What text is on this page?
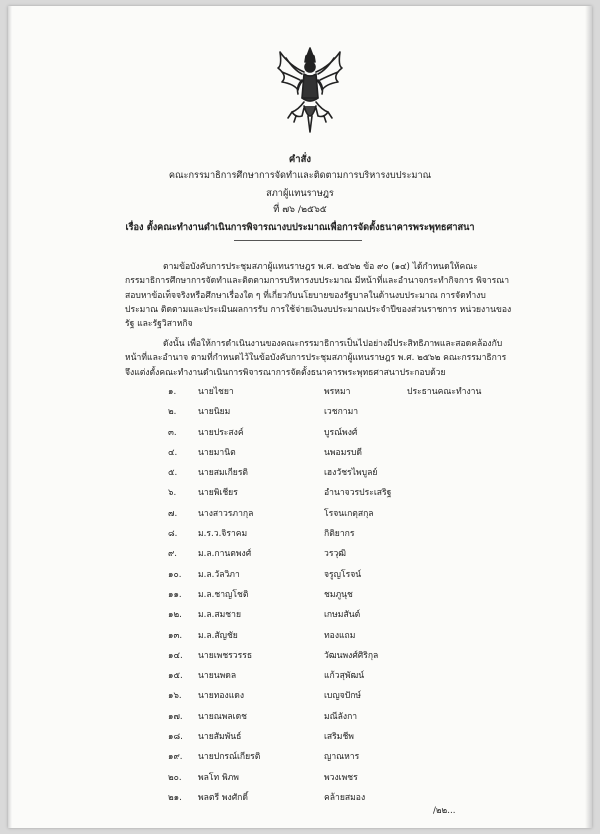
คำสั่ง
คณะกรรมาธิการศึกษาการจัดทำและติดตามการบริหารงบประมาณ
สภาผู้แทนราษฎร
ที่ ๗๖ /๒๕๖๕
เรื่อง ตั้งคณะทำงานดำเนินการพิจารณางบประมาณเพื่อการจัดตั้งธนาคารพระพุทธศาสนา
ตามข้อบังคับการประชุมสภาผู้แทนราษฎร พ.ศ. ๒๕๖๒ ข้อ ๙๐ (๑๔) ได้กำหนดให้คณะกรรมาธิการศึกษาการจัดทำและติดตามการบริหารงบประมาณ มีหน้าที่และอำนาจกระทำกิจการ พิจารณาสอบหาข้อเท็จจริงหรือศึกษาเรื่องใด ๆ ที่เกี่ยวกับนโยบายของรัฐบาลในด้านงบประมาณ การจัดทำงบประมาณ ติดตามและประเมินผลการรับ การใช้จ่ายเงินงบประมาณประจำปีของส่วนราชการ หน่วยงานของรัฐ และรัฐวิสาหกิจ
ดังนั้น เพื่อให้การดำเนินงานของคณะกรรมาธิการเป็นไปอย่างมีประสิทธิภาพและสอดคล้องกับหน้าที่และอำนาจ ตามที่กำหนดไว้ในข้อบังคับการประชุมสภาผู้แทนราษฎร พ.ศ. ๒๕๖๒ คณะกรรมาธิการจึงแต่งตั้งคณะทำงานดำเนินการพิจารณาการจัดตั้งธนาคารพระพุทธศาสนาประกอบด้วย
๑.	นายไชยา	พรหมา	ประธานคณะทำงาน
๒.	นายนิยม	เวชกามา
๓. นายประสงค์	บูรณ์พงศ์
๔. นายมานิต	นพอมรบดี
๕. นายสมเกียรติ	เฮงวัชรไพบูลย์
๖.	นายพิเชียร	อำนาจวรประเสริฐ
๗. นางสาวรภากุล	โรจนเกตุสกุล
๘. ม.ร.ว.จิราคม	กิติยากร
๙. ม.ล.กานตพงศ์	วรวุฒิ
๑๐. ม.ล.วัลวิภา	จรูญโรจน์
๑๑. ม.ล.ชาญโชติ	ชมภูนุช
๑๒. ม.ล.สมชาย	เกษมสันต์
๑๓. ม.ล.สัญชัย	ทองแถม
๑๔. นายเพชรวรรธ	วัฒนพงศ์ศิริกุล
๑๕. นายนพดล	แก้วสุพัฒน์
๑๖. นายทองแดง	เบญจปักษ์
๑๗. นายณพลเดช	มณีลังกา
๑๘. นายสัมพันธ์	เสริมชีพ
๑๙. นายปกรณ์เกียรติ	ญาณหาร
๒๐. พลโท พิภพ	พวงเพชร
๒๑. พลตรี พงศักดิ์	คล้ายสมอง
/๒๒...
